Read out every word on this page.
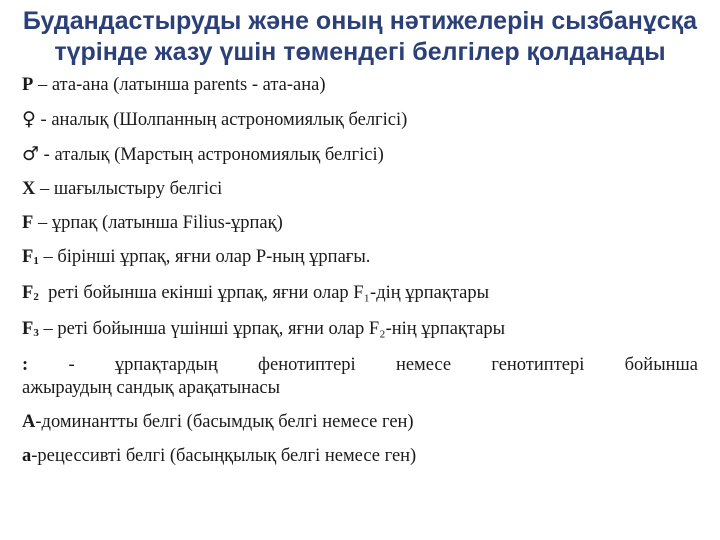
Будандастыруды және оның нәтижелерін сызбанұсқа
түрінде жазу үшін төмендегі белгілер қолданады
Р – ата-ана (латынша parents - ата-ана)
♀ - аналық (Шолпанның астрономиялық белгісі)
♂ - аталық (Марстың астрономиялық белгісі)
Х – шағылыстыру белгісі
F – ұрпақ (латынша Filius-ұрпақ)
F1 – бірінші ұрпақ, яғни олар Р-ның ұрпағы.
F2  реті бойынша екінші ұрпақ, яғни олар F₁-дің ұрпақтары
F3 – реті бойынша үшінші ұрпақ, яғни олар F₂-нің ұрпақтары
: - ұрпақтардың фенотиптері немесе генотиптері бойынша
ажыраудың сандық арақатынасы
А-доминантты белгі (басымдық белгі немесе ген)
а-рецессивті белгі (басыңқылық белгі немесе ген)
